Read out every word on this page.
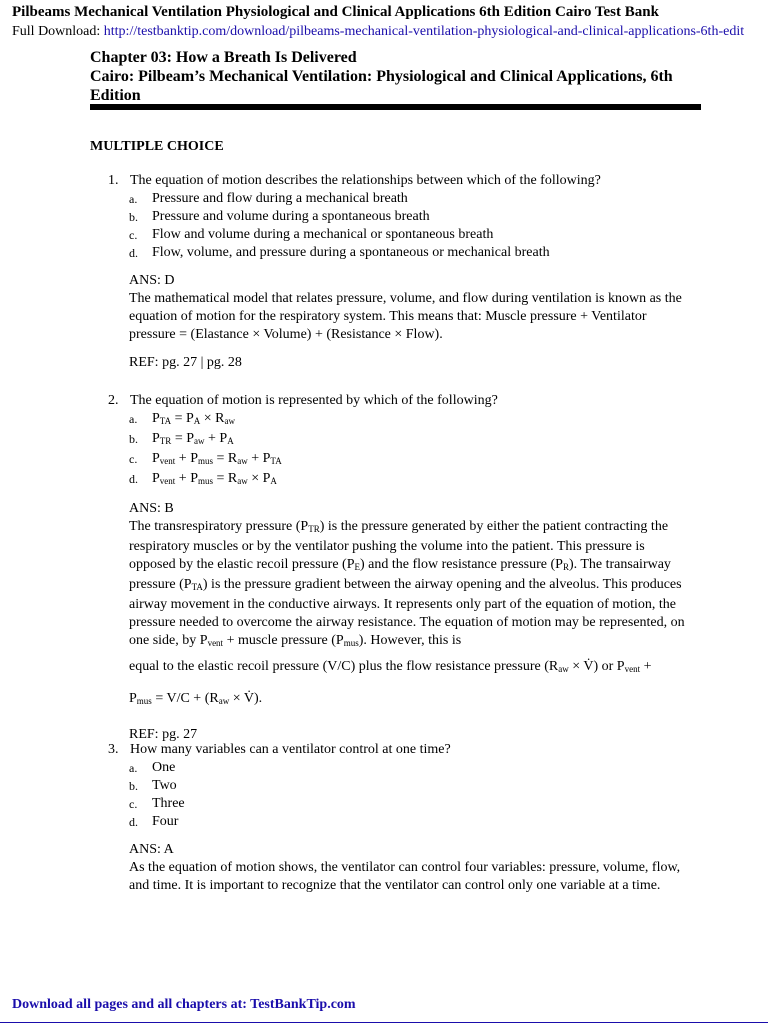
Pilbeams Mechanical Ventilation Physiological and Clinical Applications 6th Edition Cairo Test Bank
Full Download: http://testbanktip.com/download/pilbeams-mechanical-ventilation-physiological-and-clinical-applications-6th-edit
Chapter 03: How a Breath Is Delivered
Cairo: Pilbeam’s Mechanical Ventilation: Physiological and Clinical Applications, 6th Edition
MULTIPLE CHOICE
1. The equation of motion describes the relationships between which of the following?
a. Pressure and flow during a mechanical breath
b. Pressure and volume during a spontaneous breath
c. Flow and volume during a mechanical or spontaneous breath
d. Flow, volume, and pressure during a spontaneous or mechanical breath
ANS: D
The mathematical model that relates pressure, volume, and flow during ventilation is known as the equation of motion for the respiratory system. This means that: Muscle pressure + Ventilator pressure = (Elastance × Volume) + (Resistance × Flow).
REF: pg. 27 | pg. 28
2. The equation of motion is represented by which of the following?
a. $P_{TA} = P_A \times R_{aw}$
b. $P_{TR} = P_{aw} + P_A$
c. $P_{vent} + P_{mus} = R_{aw} + P_{TA}$
d. $P_{vent} + P_{mus} = R_{aw} \times P_A$
ANS: B
The transrespiratory pressure $(P_{TR})$ is the pressure generated by either the patient contracting the respiratory muscles or by the ventilator pushing the volume into the patient. This pressure is opposed by the elastic recoil pressure $(P_E)$ and the flow resistance pressure $(P_R)$. The transairway pressure $(P_{TA})$ is the pressure gradient between the airway opening and the alveolus. This produces airway movement in the conductive airways. It represents only part of the equation of motion, the pressure needed to overcome the airway resistance. The equation of motion may be represented, on one side, by $P_{vent}$ + muscle pressure $(P_{mus})$. However, this is
equal to the elastic recoil pressure (V/C) plus the flow resistance pressure ($R_{aw}$ × V̇) or $P_{vent}$ +
$P_{mus} = V/C + (R_{aw}$ × V̇).
REF: pg. 27
3. How many variables can a ventilator control at one time?
a. One
b. Two
c. Three
d. Four
ANS: A
As the equation of motion shows, the ventilator can control four variables: pressure, volume, flow, and time. It is important to recognize that the ventilator can control only one variable at a time.
Download all pages and all chapters at: TestBankTip.com
